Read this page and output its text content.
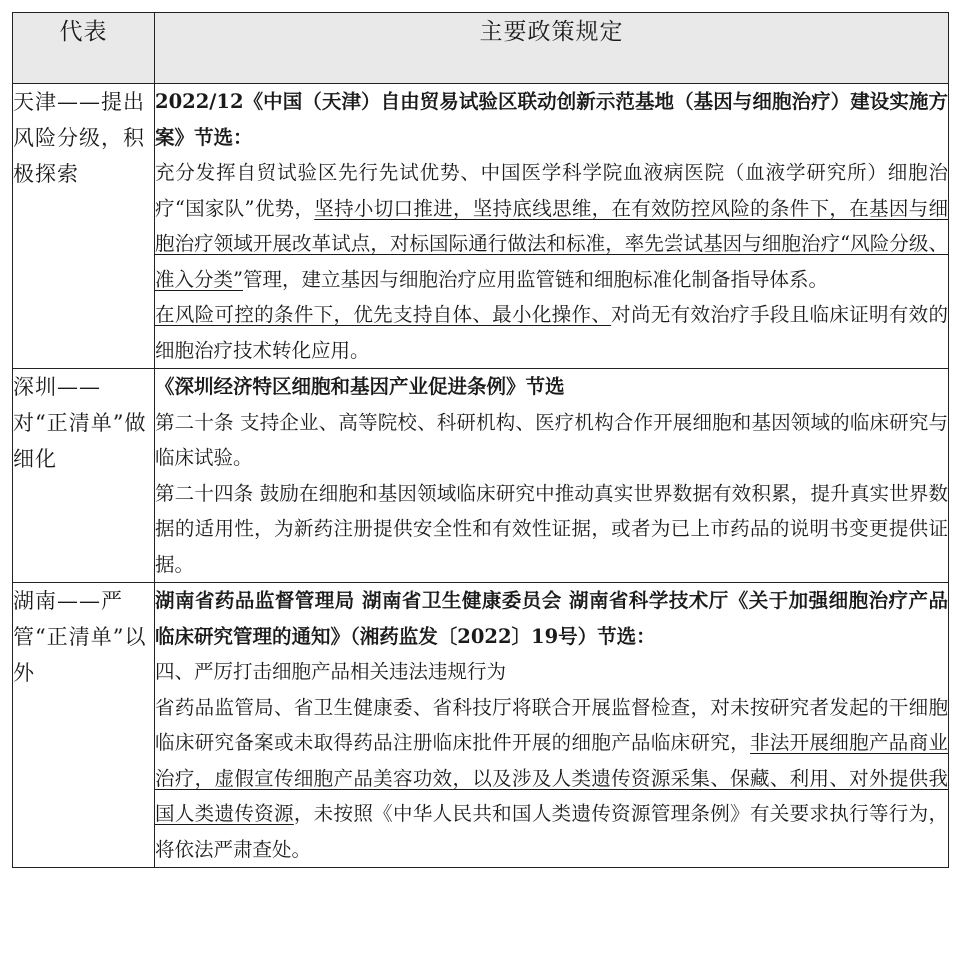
代表	主要政策规定
天津——提出风险分级，积极探索	2022/12《中国（天津）自由贸易试验区联动创新示范基地（基因与细胞治疗）建设实施方案》节选：

充分发挥自贸试验区先行先试优势、中国医学科学院血液病医院（血液学研究所）细胞治疗“国家队”优势，坚持小切口推进，坚持底线思维，在有效防控风险的条件下，在基因与细胞治疗领域开展改革试点，对标国际通行做法和标准，率先尝试基因与细胞治疗“风险分级、准入分类”管理，建立基因与细胞治疗应用监管链和细胞标准化制备指导体系。

在风险可控的条件下，优先支持自体、最小化操作、对尚无有效治疗手段且临床证明有效的细胞治疗技术转化应用。

深圳——对“正清单”做细化	《深圳经济特区细胞和基因产业促进条例》节选

第二十条 支持企业、高等院校、科研机构、医疗机构合作开展细胞和基因领域的临床研究与临床试验。

第二十四条 鼓励在细胞和基因领域临床研究中推动真实世界数据有效积累，提升真实世界数据的适用性，为新药注册提供安全性和有效性证据，或者为已上市药品的说明书变更提供证据。

湖南——严管“正清单”以外	湖南省药品监督管理局 湖南省卫生健康委员会 湖南省科学技术厅《关于加强细胞治疗产品临床研究管理的通知》（湘药监发〔2022〕19号）节选：

四、严厉打击细胞产品相关违法违规行为

省药品监管局、省卫生健康委、省科技厅将联合开展监督检查，对未按研究者发起的干细胞临床研究备案或未取得药品注册临床批件开展的细胞产品临床研究，非法开展细胞产品商业治疗，虚假宣传细胞产品美容功效，以及涉及人类遗传资源采集、保藏、利用、对外提供我国人类遗传资源，未按照《中华人民共和国人类遗传资源管理条例》有关要求执行等行为，将依法严肃查处。
